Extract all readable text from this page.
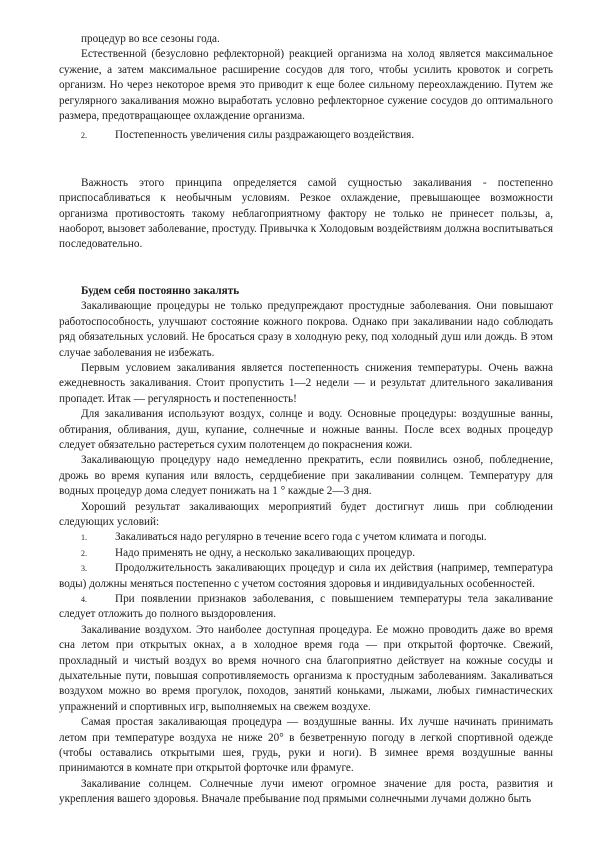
процедур во все сезоны года.

Естественной (безусловно рефлекторной) реакцией организма на холод является максимальное сужение, а затем максимальное расширение сосудов для того, чтобы усилить кровоток и согреть организм. Но через некоторое время это приводит к еще более сильному переохлаждению. Путем же регулярного закаливания можно выработать условно рефлекторное сужение сосудов до оптимального размера, предотвращающее охлаждение организма.

2.	Постепенность увеличения силы раздражающего воздействия.

Важность этого принципа определяется самой сущностью закаливания - постепенно приспосабливаться к необычным условиям. Резкое охлаждение, превышающее возможности организма противостоять такому неблагоприятному фактору не только не принесет пользы, а, наоборот, вызовет заболевание, простуду. Привычка к Холодовым воздействиям должна воспитываться последовательно.

Будем себя постоянно закалять

Закаливающие процедуры не только предупреждают простудные заболевания. Они повышают работоспособность, улучшают состояние кожного покрова. Однако при закаливании надо соблюдать ряд обязательных условий. Не бросаться сразу в холодную реку, под холодный душ или дождь. В этом случае заболевания не избежать.

Первым условием закаливания является постепенность снижения температуры. Очень важна ежедневность закаливания. Стоит пропустить 1—2 недели — и результат длительного закаливания пропадет. Итак — регулярность и постепенность!

Для закаливания используют воздух, солнце и воду. Основные процедуры: воздушные ванны, обтирания, обливания, душ, купание, солнечные и ножные ванны. После всех водных процедур следует обязательно растереться сухим полотенцем до покраснения кожи.

Закаливающую процедуру надо немедленно прекратить, если появились озноб, побледнение, дрожь во время купания или вялость, сердцебиение при закаливании солнцем. Температуру для водных процедур дома следует понижать на 1 ° каждые 2—3 дня.

Хороший результат закаливающих мероприятий будет достигнут лишь при соблюдении следующих условий:

1.	Закаливаться надо регулярно в течение всего года с учетом климата и погоды.

2.	Надо применять не одну, а несколько закаливающих процедур.

3.	Продолжительность закаливающих процедур и сила их действия (например, температура воды) должны меняться постепенно с учетом состояния здоровья и индивидуальных особенностей.

4.	При появлении признаков заболевания, с повышением температуры тела закаливание следует отложить до полного выздоровления.

Закаливание воздухом. Это наиболее доступная процедура. Ее можно проводить даже во время сна летом при открытых окнах, а в холодное время года — при открытой форточке. Свежий, прохладный и чистый воздух во время ночного сна благоприятно действует на кожные сосуды и дыхательные пути, повышая сопротивляемость организма к простудным заболеваниям. Закаливаться воздухом можно во время прогулок, походов, занятий коньками, лыжами, любых гимнастических упражнений и спортивных игр, выполняемых на свежем воздухе.

Самая простая закаливающая процедура — воздушные ванны. Их лучше начинать принимать летом при температуре воздуха не ниже 20° в безветренную погоду в легкой спортивной одежде (чтобы оставались открытыми шея, грудь, руки и ноги). В зимнее время воздушные ванны принимаются в комнате при открытой форточке или фрамуге.

Закаливание солнцем. Солнечные лучи имеют огромное значение для роста, развития и укрепления вашего здоровья. Вначале пребывание под прямыми солнечными лучами должно быть
